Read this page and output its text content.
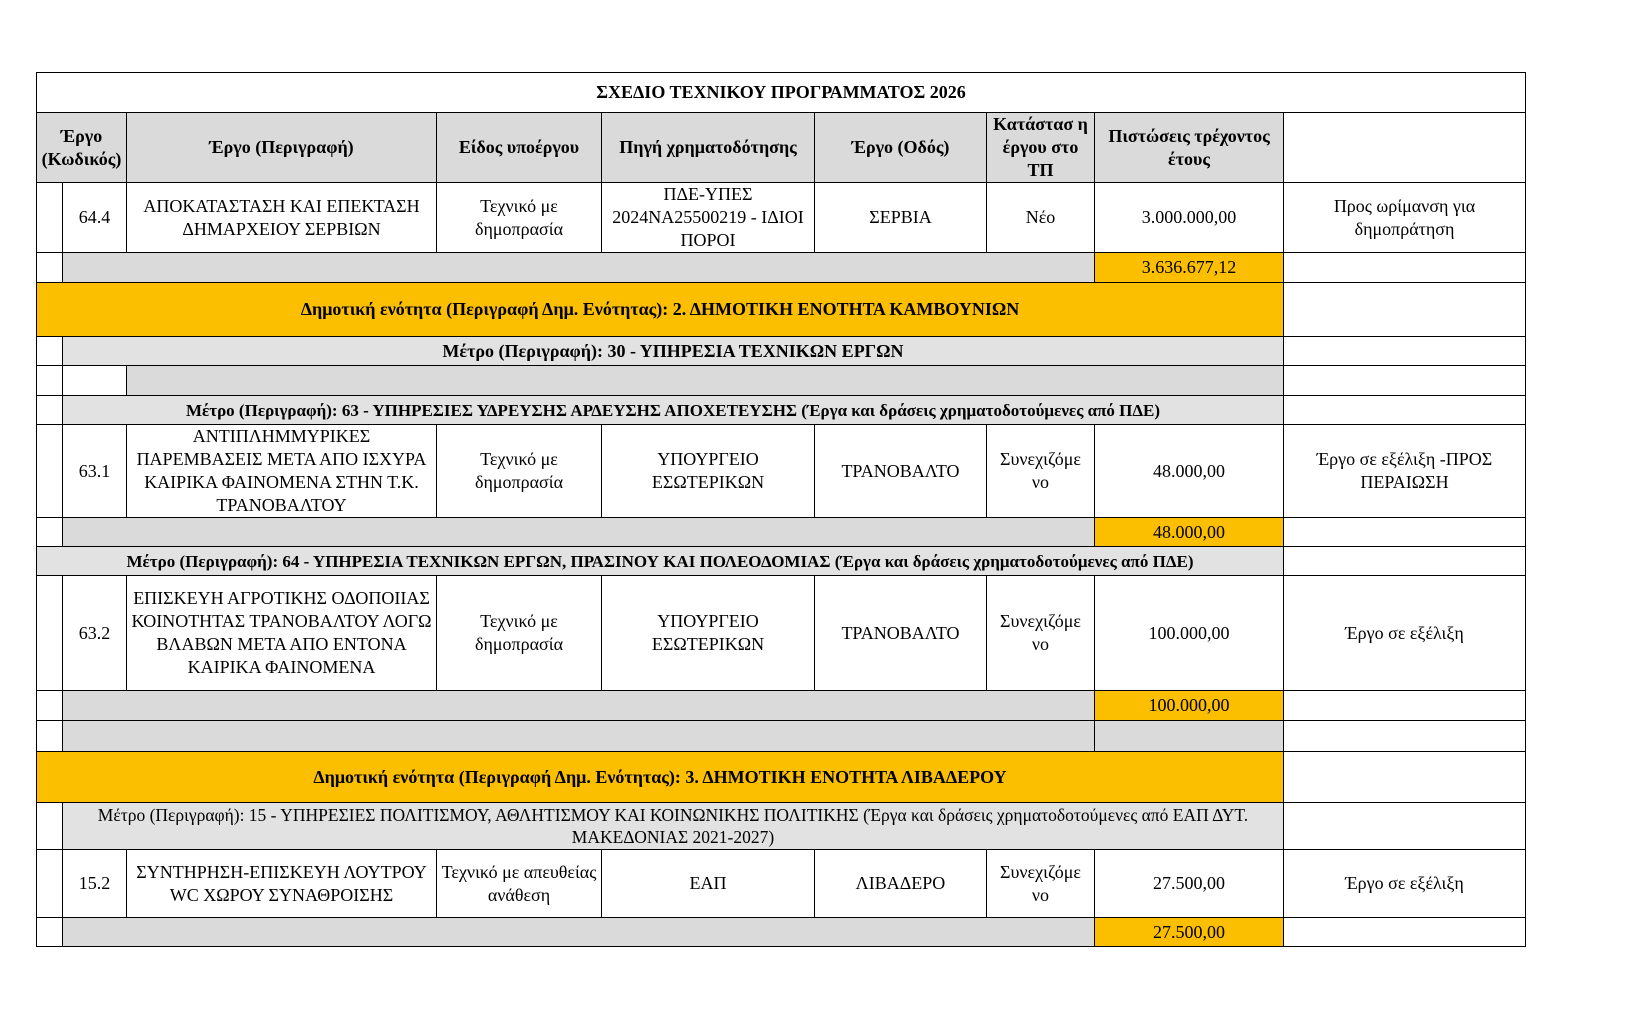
ΣΧΕΔΙΟ ΤΕΧΝΙΚΟΥ ΠΡΟΓΡΑΜΜΑΤΟΣ 2026								
Έργο (Κωδικός)		Έργο (Περιγραφή)	Είδος υποέργου	Πηγή χρηματοδότησης	Έργο (Οδός)	Κατάστασ η έργου στο ΤΠ	Πιστώσεις τρέχοντος έτους	
	64.4	ΑΠΟΚΑΤΑΣΤΑΣΗ ΚΑΙ ΕΠΕΚΤΑΣΗ ΔΗΜΑΡΧΕΙΟΥ ΣΕΡΒΙΩΝ	Τεχνικό με δημοπρασία	ΠΔΕ-ΥΠΕΣ 2024ΝΑ25500219 - ΙΔΙΟΙ ΠΟΡΟΙ	ΣΕΡΒΙΑ	Νέο	3.000.000,00	Προς ωρίμανση για δημοπράτηση
							3.636.677,12	
Δημοτική ενότητα (Περιγραφή Δημ. Ενότητας): 2. ΔΗΜΟΤΙΚΗ ΕΝΟΤΗΤΑ ΚΑΜΒΟΥΝΙΩΝ								
	Μέτρο (Περιγραφή): 30 - ΥΠΗΡΕΣΙΑ ΤΕΧΝΙΚΩΝ ΕΡΓΩΝ							

	Μέτρο (Περιγραφή): 63 - ΥΠΗΡΕΣΙΕΣ ΥΔΡΕΥΣΗΣ ΑΡΔΕΥΣΗΣ ΑΠΟΧΕΤΕΥΣΗΣ (Έργα και δράσεις χρηματοδοτούμενες από ΠΔΕ)							
	63.1	ΑΝΤΙΠΛΗΜΜΥΡΙΚΕΣ ΠΑΡΕΜΒΑΣΕΙΣ ΜΕΤΑ ΑΠΟ ΙΣΧΥΡΑ ΚΑΙΡΙΚΑ ΦΑΙΝΟΜΕΝΑ ΣΤΗΝ Τ.Κ. ΤΡΑΝΟΒΑΛΤΟΥ	Τεχνικό με δημοπρασία	ΥΠΟΥΡΓΕΙΟ ΕΣΩΤΕΡΙΚΩΝ	ΤΡΑΝΟΒΑΛΤΟ	Συνεχιζόμε νο	48.000,00	Έργο σε εξέλιξη -ΠΡΟΣ ΠΕΡΑΙΩΣΗ
							48.000,00	
Μέτρο (Περιγραφή): 64 - ΥΠΗΡΕΣΙΑ ΤΕΧΝΙΚΩΝ ΕΡΓΩΝ, ΠΡΑΣΙΝΟΥ ΚΑΙ ΠΟΛΕΟΔΟΜΙΑΣ (Έργα και δράσεις χρηματοδοτούμενες από ΠΔΕ)								
	63.2	ΕΠΙΣΚΕΥΗ ΑΓΡΟΤΙΚΗΣ ΟΔΟΠΟΙΙΑΣ ΚΟΙΝΟΤΗΤΑΣ ΤΡΑΝΟΒΑΛΤΟΥ ΛΟΓΩ ΒΛΑΒΩΝ ΜΕΤΑ ΑΠΟ ΕΝΤΟΝΑ ΚΑΙΡΙΚΑ ΦΑΙΝΟΜΕΝΑ	Τεχνικό με δημοπρασία	ΥΠΟΥΡΓΕΙΟ ΕΣΩΤΕΡΙΚΩΝ	ΤΡΑΝΟΒΑΛΤΟ	Συνεχιζόμε νο	100.000,00	Έργο σε εξέλιξη
							100.000,00	

Δημοτική ενότητα (Περιγραφή Δημ. Ενότητας): 3. ΔΗΜΟΤΙΚΗ ΕΝΟΤΗΤΑ ΛΙΒΑΔΕΡΟΥ								
	Μέτρο (Περιγραφή): 15 - ΥΠΗΡΕΣΙΕΣ ΠΟΛΙΤΙΣΜΟΥ, ΑΘΛΗΤΙΣΜΟΥ ΚΑΙ ΚΟΙΝΩΝΙΚΗΣ ΠΟΛΙΤΙΚΗΣ (Έργα και δράσεις χρηματοδοτούμενες από ΕΑΠ ΔΥΤ. ΜΑΚΕΔΟΝΙΑΣ 2021-2027)							
	15.2	ΣΥΝΤΗΡΗΣΗ-ΕΠΙΣΚΕΥΗ ΛΟΥΤΡΟΥ WC ΧΩΡΟΥ ΣΥΝΑΘΡΟΙΣΗΣ	Τεχνικό με απευθείας ανάθεση	ΕΑΠ	ΛΙΒΑΔΕΡΟ	Συνεχιζόμε νο	27.500,00	Έργο σε εξέλιξη
							27.500,00	
